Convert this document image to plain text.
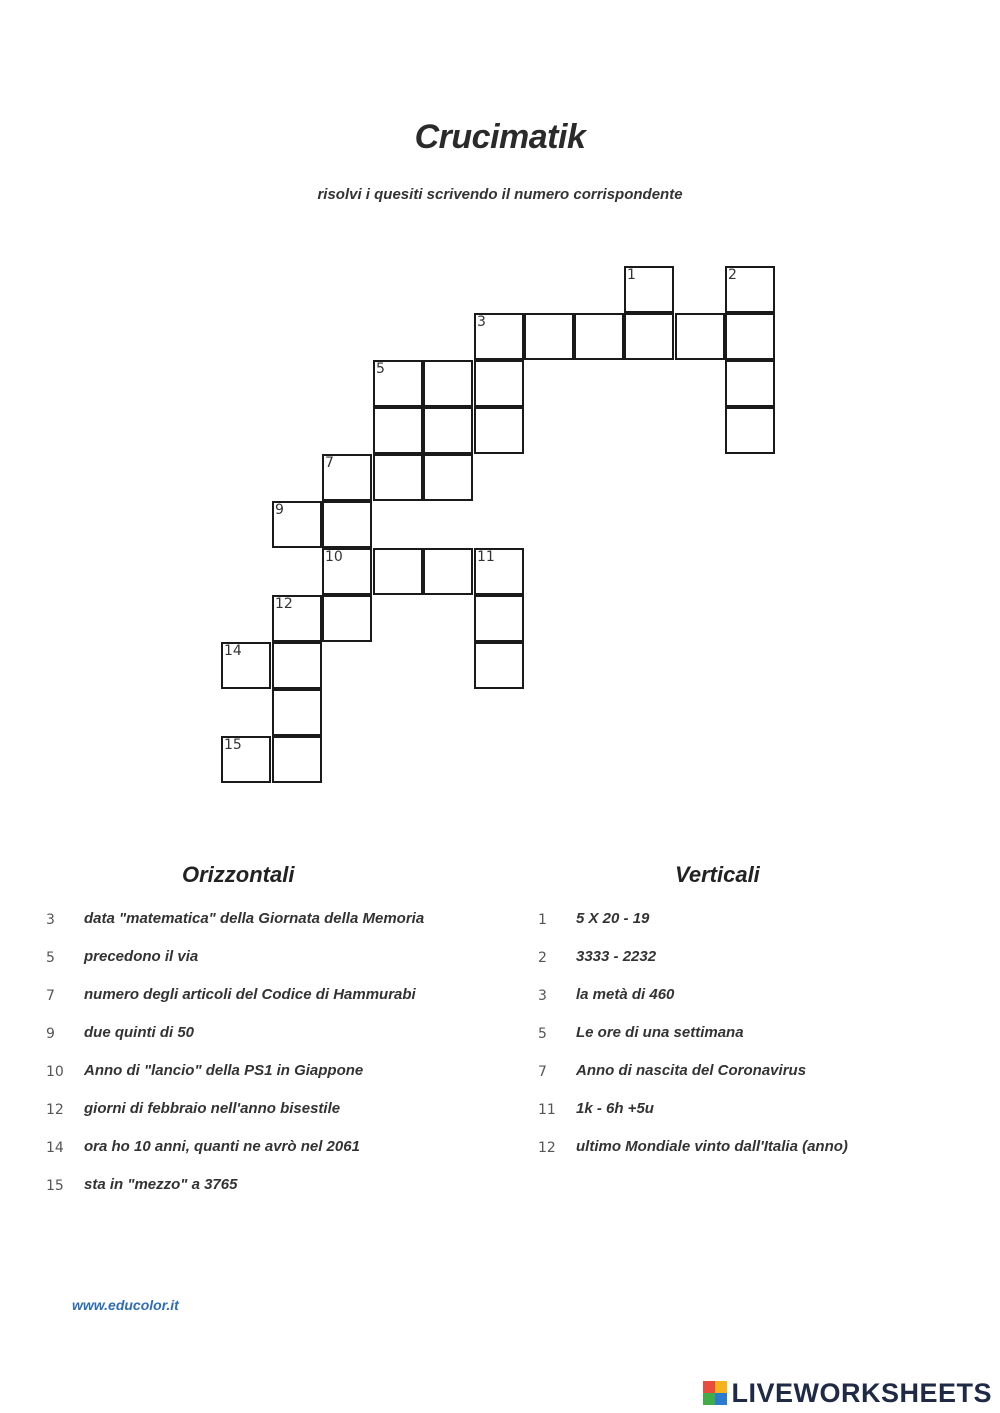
Crucimatik
risolvi i quesiti scrivendo il numero corrispondente
1	2
3
5
7
9
10	11
12
14
15
Orizzontali	Verticali
3 data "matematica" della Giornata della Memoria
5 precedono il via
7 numero degli articoli del Codice di Hammurabi
9 due quinti di 50
10 Anno di "lancio" della PS1 in Giappone
12 giorni di febbraio nell'anno bisestile
14 ora ho 10 anni, quanti ne avrò nel 2061
15 sta in "mezzo" a 3765
1 5 X 20 - 19
2 3333 - 2232
3 la metà di 460
5 Le ore di una settimana
7 Anno di nascita del Coronavirus
11 1k - 6h +5u
12 ultimo Mondiale vinto dall'Italia (anno)
www.educolor.it
LIVEWORKSHEETS
